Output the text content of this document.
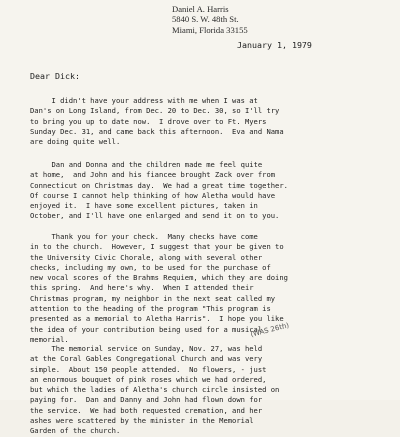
Daniel A. Harris
5840 S. W. 48th St.
Miami, Florida 33155
January 1, 1979
Dear Dick:
I didn't have your address with me when I was at
Dan's on Long Island, from Dec. 20 to Dec. 30, so I'll try
to bring you up to date now.  I drove over to Ft. Myers
Sunday Dec. 31, and came back this afternoon.  Eva and Nama
are doing quite well.
Dan and Donna and the children made me feel quite
at home,  and John and his fiancee brought Zack over from
Connecticut on Christmas day.  We had a great time together.
Of course I cannot help thinking of how Aletha would have
enjoyed it.  I have some excellent pictures, taken in
October, and I'll have one enlarged and send it on to you.
Thank you for your check.  Many checks have come
in to the church.  However, I suggest that your be given to
the University Civic Chorale, along with several other
checks, including my own, to be used for the purchase of
new vocal scores of the Brahms Requiem, which they are doing
this spring.  And here's why.  When I attended their
Christmas program, my neighbor in the next seat called my
attention to the heading of the program "This program is
presented as a memorial to Aletha Harris".  I hope you like
the idea of your contribution being used for a musical
memorial.
(WAS 26th)
The memorial service on Sunday, Nov. 27, was held
at the Coral Gables Congregational Church and was very
simple.  About 150 people attended.  No flowers, - just
an enormous bouquet of pink roses which we had ordered,
but which the ladies of Aletha's church circle insisted on
paying for.  Dan and Danny and John had flown down for
the service.  We had both requested cremation, and her
ashes were scattered by the minister in the Memorial
Garden of the church.
